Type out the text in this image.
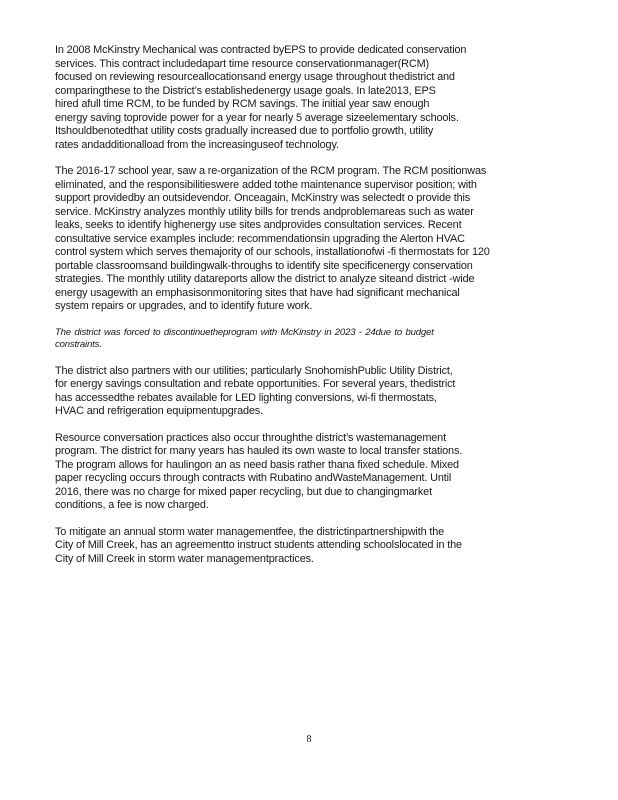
In 2008 McKinstry Mechanical was contracted byEPS to provide dedicated conservation
services. This contract includedapart time resource conservationmanager(RCM)
focused on reviewing resourceallocationsand energy usage throughout thedistrict and
comparingthese to the District’s establishedenergy usage goals. In late2013, EPS
hired afull time RCM, to be funded by RCM savings. The initial year saw enough
energy saving toprovide power for a year for nearly 5 average sizeelementary schools.
Itshouldbenotedthat utility costs gradually increased due to portfolio growth, utility
rates andadditionalload from the increasinguseof technology.

The 2016-17 school year, saw a re-organization of the RCM program. The RCM positionwas
eliminated, and the responsibilitieswere added tothe maintenance supervisor position; with
support providedby an outsidevendor. Onceagain, McKinstry was selectedt o provide this
service. McKinstry analyzes monthly utility bills for trends andproblemareas such as water
leaks, seeks to identify highenergy use sites andprovides consultation services. Recent
consultative service examples include: recommendationsin upgrading the Alerton HVAC
control system which serves themajority of our schools, installationofwi -fi thermostats for 120
portable classroomsand buildingwalk-throughs to identify site specificenergy conservation
strategies. The monthly utility datareports allow the district to analyze siteand district -wide
energy usagewith an emphasisonmonitoring sites that have had significant mechanical
system repairs or upgrades, and to identify future work.

The district was forced to discontinuetheprogram with McKinstry in 2023 - 24due to budget
constraints.

The district also partners with our utilities; particularly SnohomishPublic Utility District,
for energy savings consultation and rebate opportunities. For several years, thedistrict
has accessedthe rebates available for LED lighting conversions, wi-fi thermostats,
HVAC and refrigeration equipmentupgrades.

Resource conversation practices also occur throughthe district’s wastemanagement
program. The district for many years has hauled its own waste to local transfer stations.
The program allows for haulingon an as need basis rather thana fixed schedule. Mixed
paper recycling occurs through contracts with Rubatino andWasteManagement. Until
2016, there was no charge for mixed paper recycling, but due to changingmarket
conditions, a fee is now charged.

To mitigate an annual storm water managementfee, the districtinpartnershipwith the
City of Mill Creek, has an agreementto instruct students attending schoolslocated in the
City of Mill Creek in storm water managementpractices.

8
